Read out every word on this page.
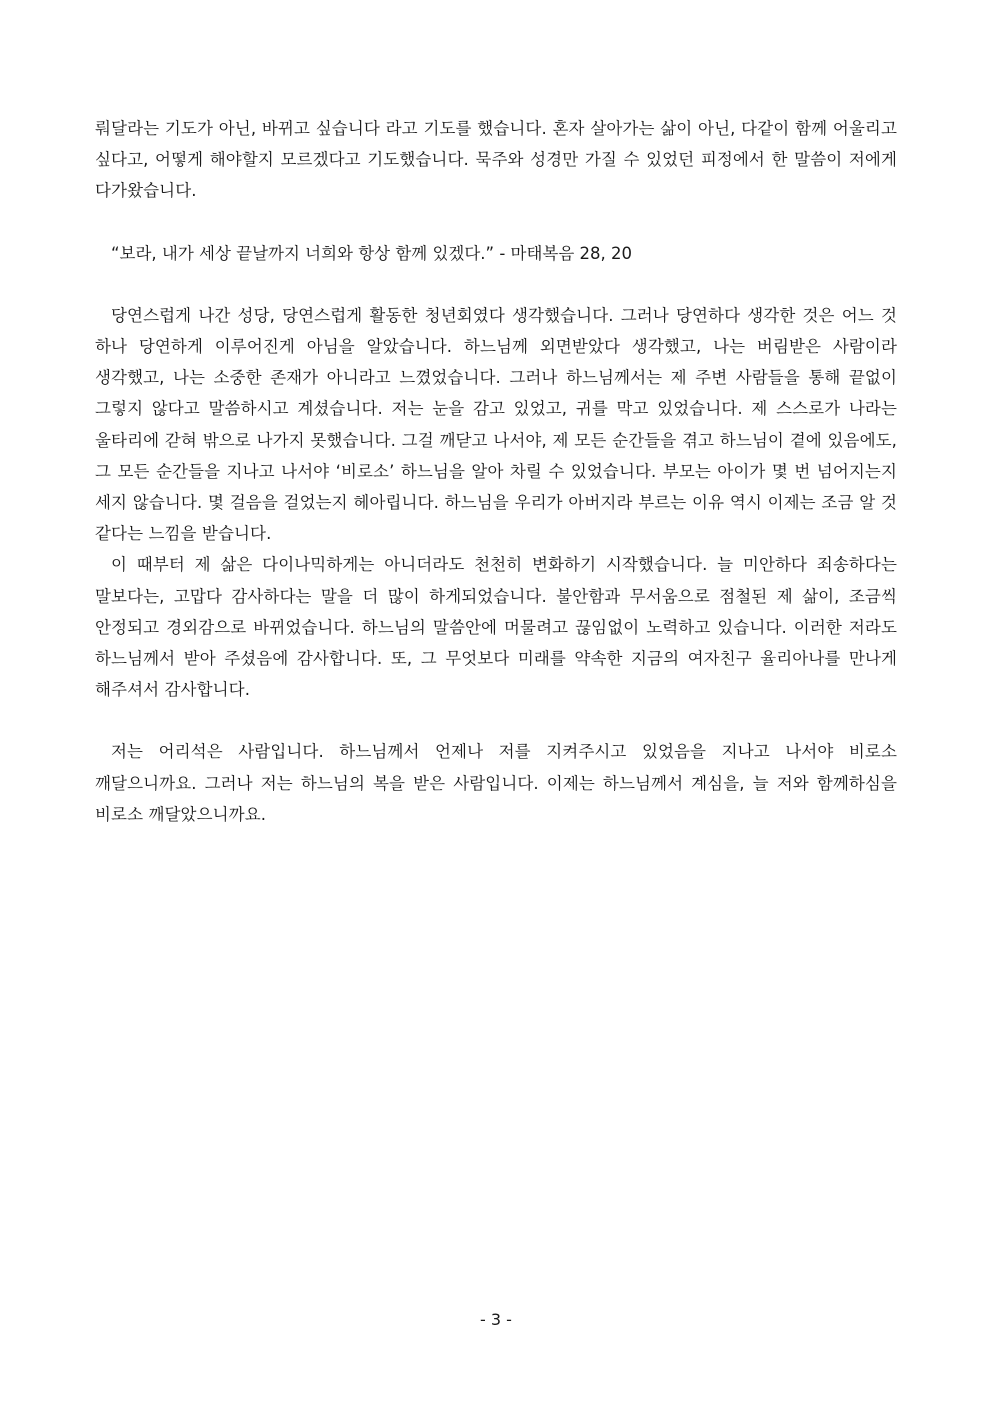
뤄달라는 기도가 아닌, 바뀌고 싶습니다 라고 기도를 했습니다. 혼자 살아가는 삶이 아닌, 다같이 함께 어울리고 싶다고, 어떻게 해야할지 모르겠다고 기도했습니다. 묵주와 성경만 가질 수 있었던 피정에서 한 말씀이 저에게 다가왔습니다.

“보라, 내가 세상 끝날까지 너희와 항상 함께 있겠다.” - 마태복음 28, 20

당연스럽게 나간 성당, 당연스럽게 활동한 청년회였다 생각했습니다. 그러나 당연하다 생각한 것은 어느 것 하나 당연하게 이루어진게 아님을 알았습니다. 하느님께 외면받았다 생각했고, 나는 버림받은 사람이라 생각했고, 나는 소중한 존재가 아니라고 느꼈었습니다. 그러나 하느님께서는 제 주변 사람들을 통해 끝없이 그렇지 않다고 말씀하시고 계셨습니다. 저는 눈을 감고 있었고, 귀를 막고 있었습니다. 제 스스로가 나라는 울타리에 갇혀 밖으로 나가지 못했습니다. 그걸 깨닫고 나서야, 제 모든 순간들을 겪고 하느님이 곁에 있음에도, 그 모든 순간들을 지나고 나서야 ‘비로소’ 하느님을 알아 차릴 수 있었습니다. 부모는 아이가 몇 번 넘어지는지 세지 않습니다. 몇 걸음을 걸었는지 헤아립니다. 하느님을 우리가 아버지라 부르는 이유 역시 이제는 조금 알 것 같다는 느낌을 받습니다.

이 때부터 제 삶은 다이나믹하게는 아니더라도 천천히 변화하기 시작했습니다. 늘 미안하다 죄송하다는 말보다는, 고맙다 감사하다는 말을 더 많이 하게되었습니다. 불안함과 무서움으로 점철된 제 삶이, 조금씩 안정되고 경외감으로 바뀌었습니다. 하느님의 말씀안에 머물려고 끊임없이 노력하고 있습니다. 이러한 저라도 하느님께서 받아 주셨음에 감사합니다. 또, 그 무엇보다 미래를 약속한 지금의 여자친구 율리아나를 만나게 해주셔서 감사합니다.

저는 어리석은 사람입니다. 하느님께서 언제나 저를 지켜주시고 있었음을 지나고 나서야 비로소 깨달으니까요. 그러나 저는 하느님의 복을 받은 사람입니다. 이제는 하느님께서 계심을, 늘 저와 함께하심을 비로소 깨달았으니까요.

- 3 -
